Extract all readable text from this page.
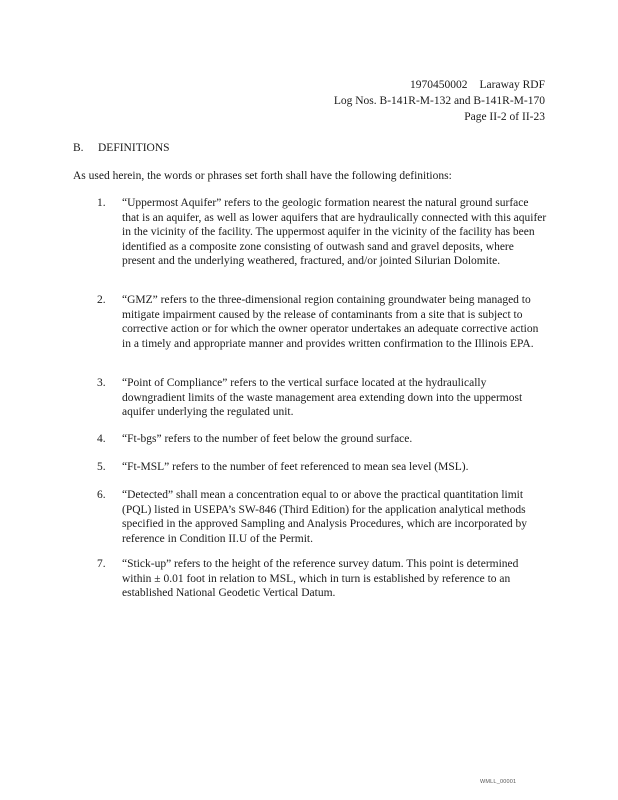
1970450002 Laraway RDF
Log Nos. B-141R-M-132 and B-141R-M-170
Page II-2 of II-23
B. DEFINITIONS
As used herein, the words or phrases set forth shall have the following definitions:
1.	“Uppermost Aquifer” refers to the geologic formation nearest the natural ground surface that is an aquifer, as well as lower aquifers that are hydraulically connected with this aquifer in the vicinity of the facility. The uppermost aquifer in the vicinity of the facility has been identified as a composite zone consisting of outwash sand and gravel deposits, where present and the underlying weathered, fractured, and/or jointed Silurian Dolomite.
2.	“GMZ” refers to the three-dimensional region containing groundwater being managed to mitigate impairment caused by the release of contaminants from a site that is subject to corrective action or for which the owner operator undertakes an adequate corrective action in a timely and appropriate manner and provides written confirmation to the Illinois EPA.
3.	“Point of Compliance” refers to the vertical surface located at the hydraulically downgradient limits of the waste management area extending down into the uppermost aquifer underlying the regulated unit.
4.	“Ft-bgs” refers to the number of feet below the ground surface.
5.	“Ft-MSL” refers to the number of feet referenced to mean sea level (MSL).
6.	“Detected” shall mean a concentration equal to or above the practical quantitation limit (PQL) listed in USEPA’s SW-846 (Third Edition) for the application analytical methods specified in the approved Sampling and Analysis Procedures, which are incorporated by reference in Condition II.U of the Permit.
7.	“Stick-up” refers to the height of the reference survey datum. This point is determined within ± 0.01 foot in relation to MSL, which in turn is established by reference to an established National Geodetic Vertical Datum.
WMLL_00001
